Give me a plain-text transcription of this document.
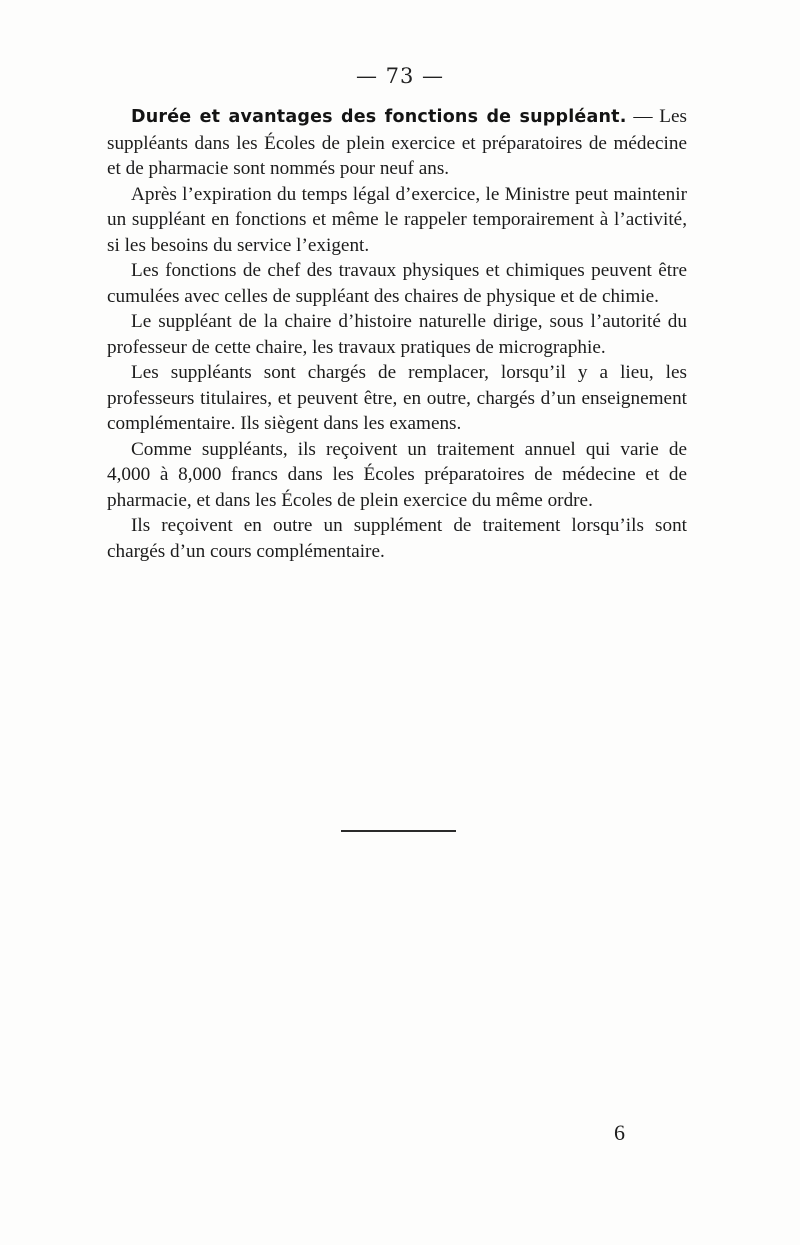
— 73 —

Durée et avantages des fonctions de suppléant. — Les suppléants dans les Écoles de plein exercice et préparatoires de médecine et de pharmacie sont nommés pour neuf ans.

Après l’expiration du temps légal d’exercice, le Ministre peut maintenir un suppléant en fonctions et même le rappeler temporairement à l’activité, si les besoins du service l’exigent.

Les fonctions de chef des travaux physiques et chimiques peuvent être cumulées avec celles de suppléant des chaires de physique et de chimie.

Le suppléant de la chaire d’histoire naturelle dirige, sous l’autorité du professeur de cette chaire, les travaux pratiques de micrographie.

Les suppléants sont chargés de remplacer, lorsqu’il y a lieu, les professeurs titulaires, et peuvent être, en outre, chargés d’un enseignement complémentaire. Ils siègent dans les examens.

Comme suppléants, ils reçoivent un traitement annuel qui varie de 4,000 à 8,000 francs dans les Écoles préparatoires de médecine et de pharmacie, et dans les Écoles de plein exercice du même ordre.

Ils reçoivent en outre un supplément de traitement lorsqu’ils sont chargés d’un cours complémentaire.

6
